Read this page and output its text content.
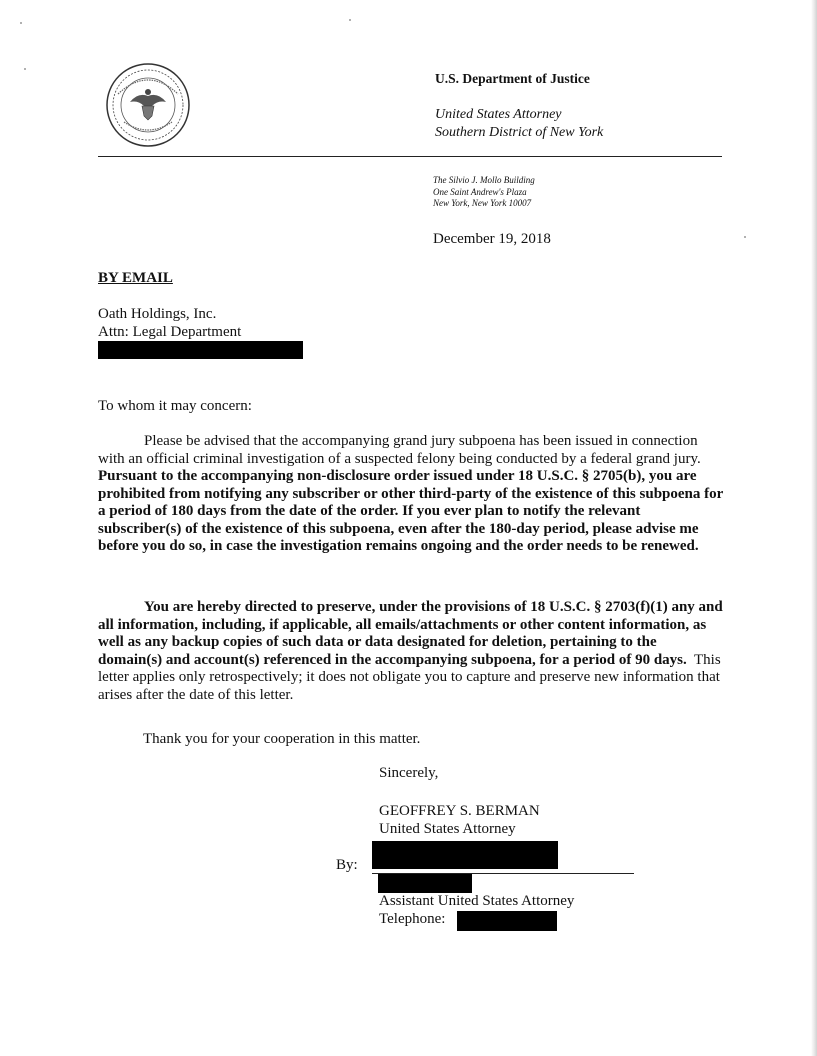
U.S. Department of Justice
United States Attorney
Southern District of New York
The Silvio J. Mollo Building
One Saint Andrew's Plaza
New York, New York 10007
December 19, 2018
BY EMAIL
Oath Holdings, Inc.
Attn: Legal Department
To whom it may concern:
Please be advised that the accompanying grand jury subpoena has been issued in connection with an official criminal investigation of a suspected felony being conducted by a federal grand jury.  Pursuant to the accompanying non-disclosure order issued under 18 U.S.C. § 2705(b), you are prohibited from notifying any subscriber or other third-party of the existence of this subpoena for a period of 180 days from the date of the order. If you ever plan to notify the relevant subscriber(s) of the existence of this subpoena, even after the 180-day period, please advise me before you do so, in case the investigation remains ongoing and the order needs to be renewed.
You are hereby directed to preserve, under the provisions of 18 U.S.C. § 2703(f)(1) any and all information, including, if applicable, all emails/attachments or other content information, as well as any backup copies of such data or data designated for deletion, pertaining to the domain(s) and account(s) referenced in the accompanying subpoena, for a period of 90 days. This letter applies only retrospectively; it does not obligate you to capture and preserve new information that arises after the date of this letter.
Thank you for your cooperation in this matter.
Sincerely,
GEOFFREY S. BERMAN
United States Attorney
By:
Assistant United States Attorney
Telephone:
